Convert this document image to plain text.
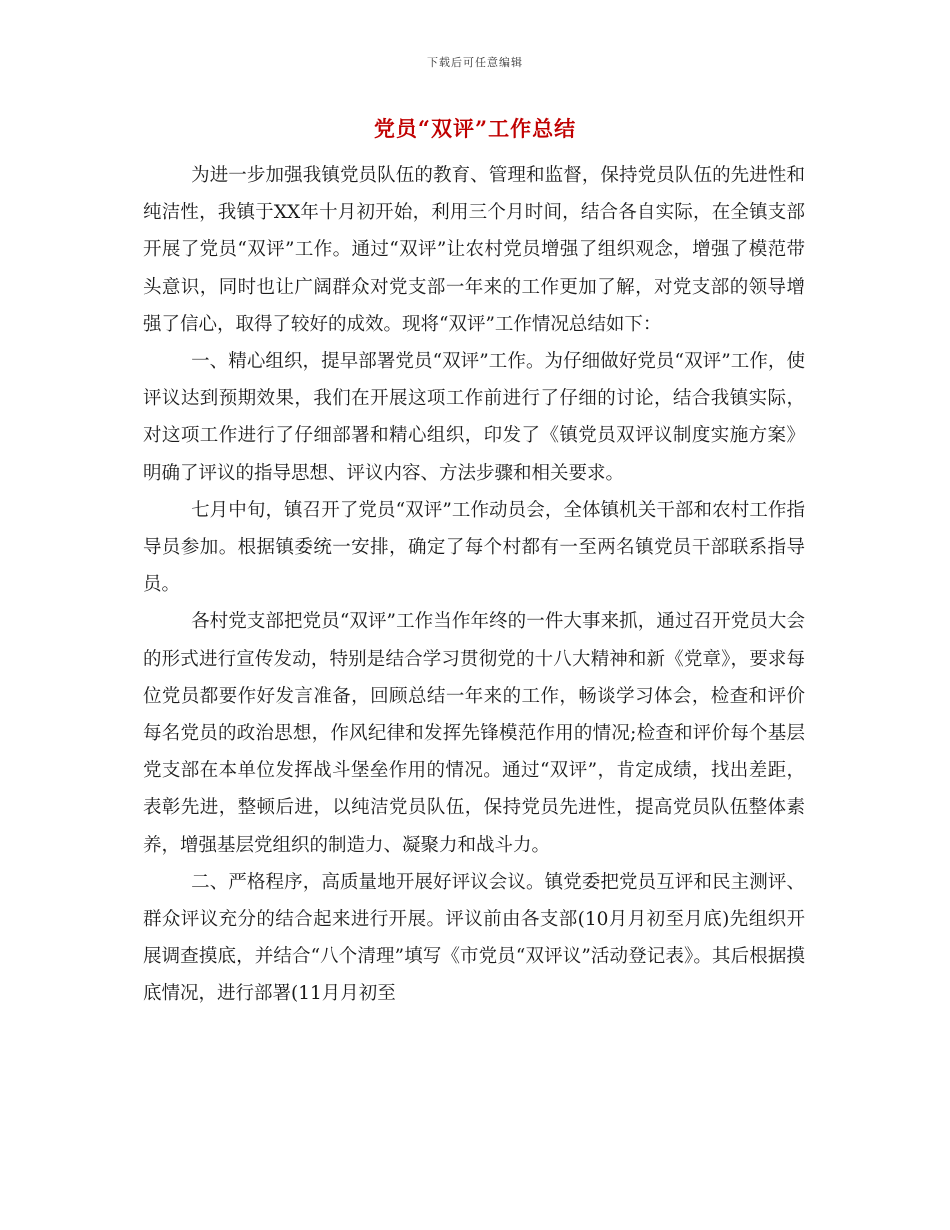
下载后可任意编辑
党员“双评”工作总结

为进一步加强我镇党员队伍的教育、管理和监督，保持党员队伍的先进性和纯洁性，我镇于XX年十月初开始，利用三个月时间，结合各自实际，在全镇支部开展了党员“双评”工作。通过“双评”让农村党员增强了组织观念，增强了模范带头意识，同时也让广阔群众对党支部一年来的工作更加了解，对党支部的领导增强了信心，取得了较好的成效。现将“双评”工作情况总结如下：

一、精心组织，提早部署党员“双评”工作。为仔细做好党员“双评”工作，使评议达到预期效果，我们在开展这项工作前进行了仔细的讨论，结合我镇实际，对这项工作进行了仔细部署和精心组织，印发了《镇党员双评议制度实施方案》明确了评议的指导思想、评议内容、方法步骤和相关要求。

七月中旬，镇召开了党员“双评”工作动员会，全体镇机关干部和农村工作指导员参加。根据镇委统一安排，确定了每个村都有一至两名镇党员干部联系指导员。

各村党支部把党员“双评”工作当作年终的一件大事来抓，通过召开党员大会的形式进行宣传发动，特别是结合学习贯彻党的十八大精神和新《党章》，要求每位党员都要作好发言准备，回顾总结一年来的工作，畅谈学习体会，检查和评价每名党员的政治思想，作风纪律和发挥先锋模范作用的情况;检查和评价每个基层党支部在本单位发挥战斗堡垒作用的情况。通过“双评”，肯定成绩，找出差距，表彰先进，整顿后进，以纯洁党员队伍，保持党员先进性，提高党员队伍整体素养，增强基层党组织的制造力、凝聚力和战斗力。

二、严格程序，高质量地开展好评议会议。镇党委把党员互评和民主测评、群众评议充分的结合起来进行开展。评议前由各支部(10月月初至月底)先组织开展调查摸底，并结合“八个清理”填写《市党员“双评议”活动登记表》。其后根据摸底情况，进行部署(11月月初至
